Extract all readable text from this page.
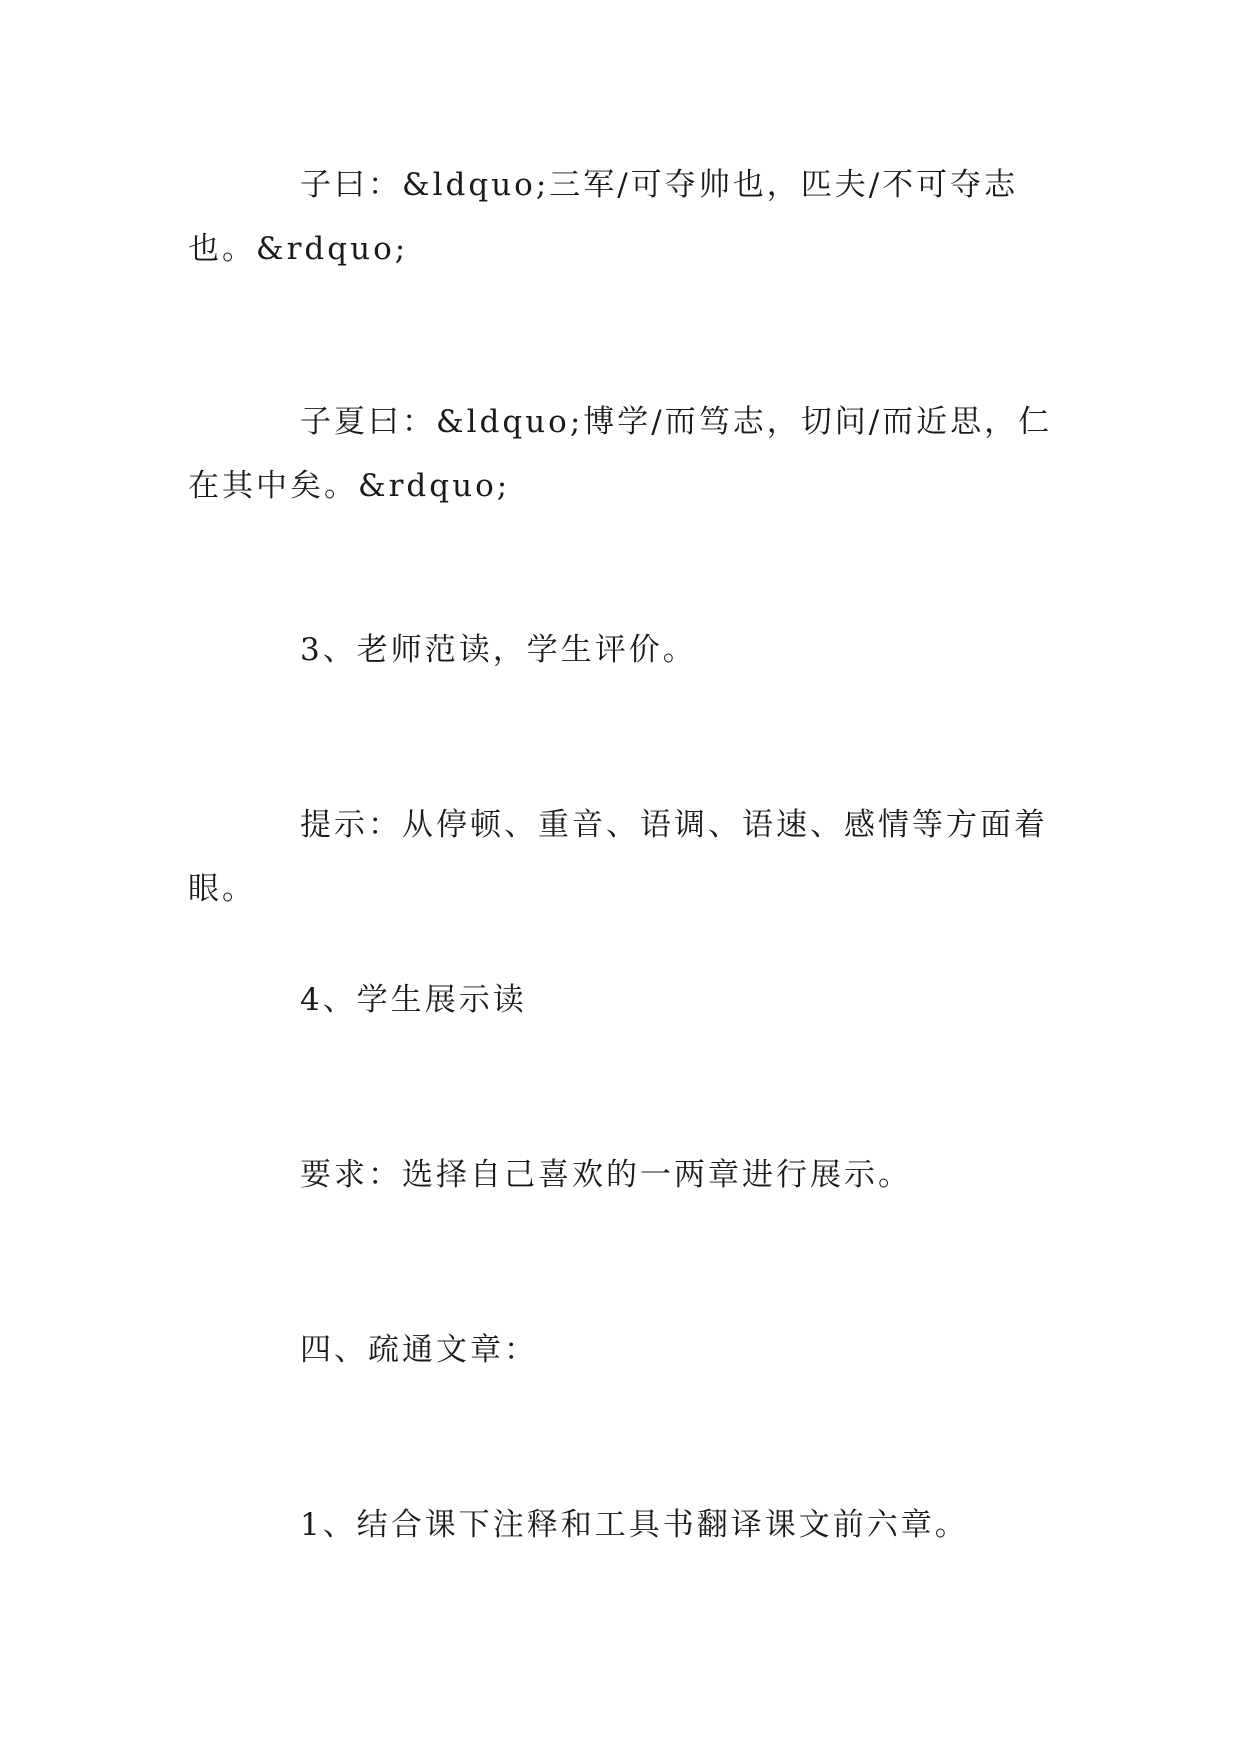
子曰：&ldquo;三军/可夺帅也，匹夫/不可夺志也。&rdquo;

子夏曰：&ldquo;博学/而笃志，切问/而近思，仁在其中矣。&rdquo;

3、老师范读，学生评价。

提示：从停顿、重音、语调、语速、感情等方面着眼。

4、学生展示读

要求：选择自己喜欢的一两章进行展示。

四、疏通文章：

1、结合课下注释和工具书翻译课文前六章。
